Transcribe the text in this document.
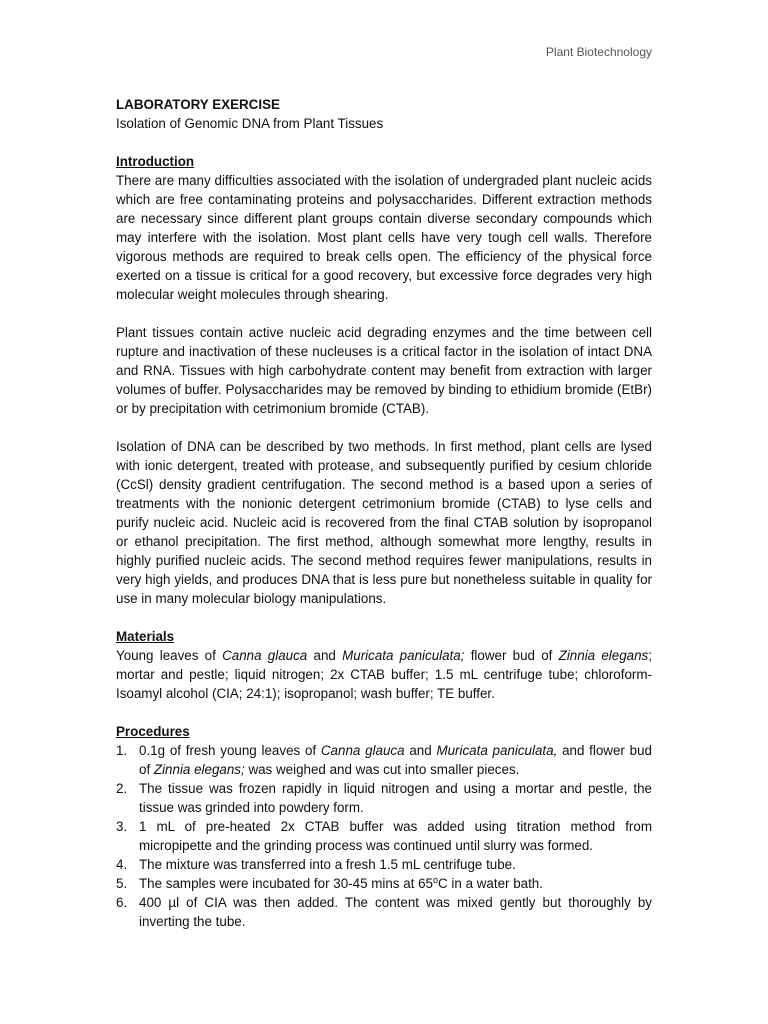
Plant Biotechnology

LABORATORY EXERCISE

Isolation of Genomic DNA from Plant Tissues

Introduction

There are many difficulties associated with the isolation of undergraded plant nucleic acids which are free contaminating proteins and polysaccharides. Different extraction methods are necessary since different plant groups contain diverse secondary compounds which may interfere with the isolation. Most plant cells have very tough cell walls. Therefore vigorous methods are required to break cells open. The efficiency of the physical force exerted on a tissue is critical for a good recovery, but excessive force degrades very high molecular weight molecules through shearing.

Plant tissues contain active nucleic acid degrading enzymes and the time between cell rupture and inactivation of these nucleuses is a critical factor in the isolation of intact DNA and RNA. Tissues with high carbohydrate content may benefit from extraction with larger volumes of buffer. Polysaccharides may be removed by binding to ethidium bromide (EtBr) or by precipitation with cetrimonium bromide (CTAB).

Isolation of DNA can be described by two methods. In first method, plant cells are lysed with ionic detergent, treated with protease, and subsequently purified by cesium chloride (CcSl) density gradient centrifugation. The second method is a based upon a series of treatments with the nonionic detergent cetrimonium bromide (CTAB) to lyse cells and purify nucleic acid. Nucleic acid is recovered from the final CTAB solution by isopropanol or ethanol precipitation. The first method, although somewhat more lengthy, results in highly purified nucleic acids. The second method requires fewer manipulations, results in very high yields, and produces DNA that is less pure but nonetheless suitable in quality for use in many molecular biology manipulations.

Materials

Young leaves of Canna glauca and Muricata paniculata; flower bud of Zinnia elegans; mortar and pestle; liquid nitrogen; 2x CTAB buffer; 1.5 mL centrifuge tube; chloroform-Isoamyl alcohol (CIA; 24:1); isopropanol; wash buffer; TE buffer.

Procedures

1. 0.1g of fresh young leaves of Canna glauca and Muricata paniculata, and flower bud of Zinnia elegans; was weighed and was cut into smaller pieces.
2. The tissue was frozen rapidly in liquid nitrogen and using a mortar and pestle, the tissue was grinded into powdery form.
3. 1 mL of pre-heated 2x CTAB buffer was added using titration method from micropipette and the grinding process was continued until slurry was formed.
4. The mixture was transferred into a fresh 1.5 mL centrifuge tube.
5. The samples were incubated for 30-45 mins at 65$^o$C in a water bath.
6. 400 µl of CIA was then added. The content was mixed gently but thoroughly by inverting the tube.
